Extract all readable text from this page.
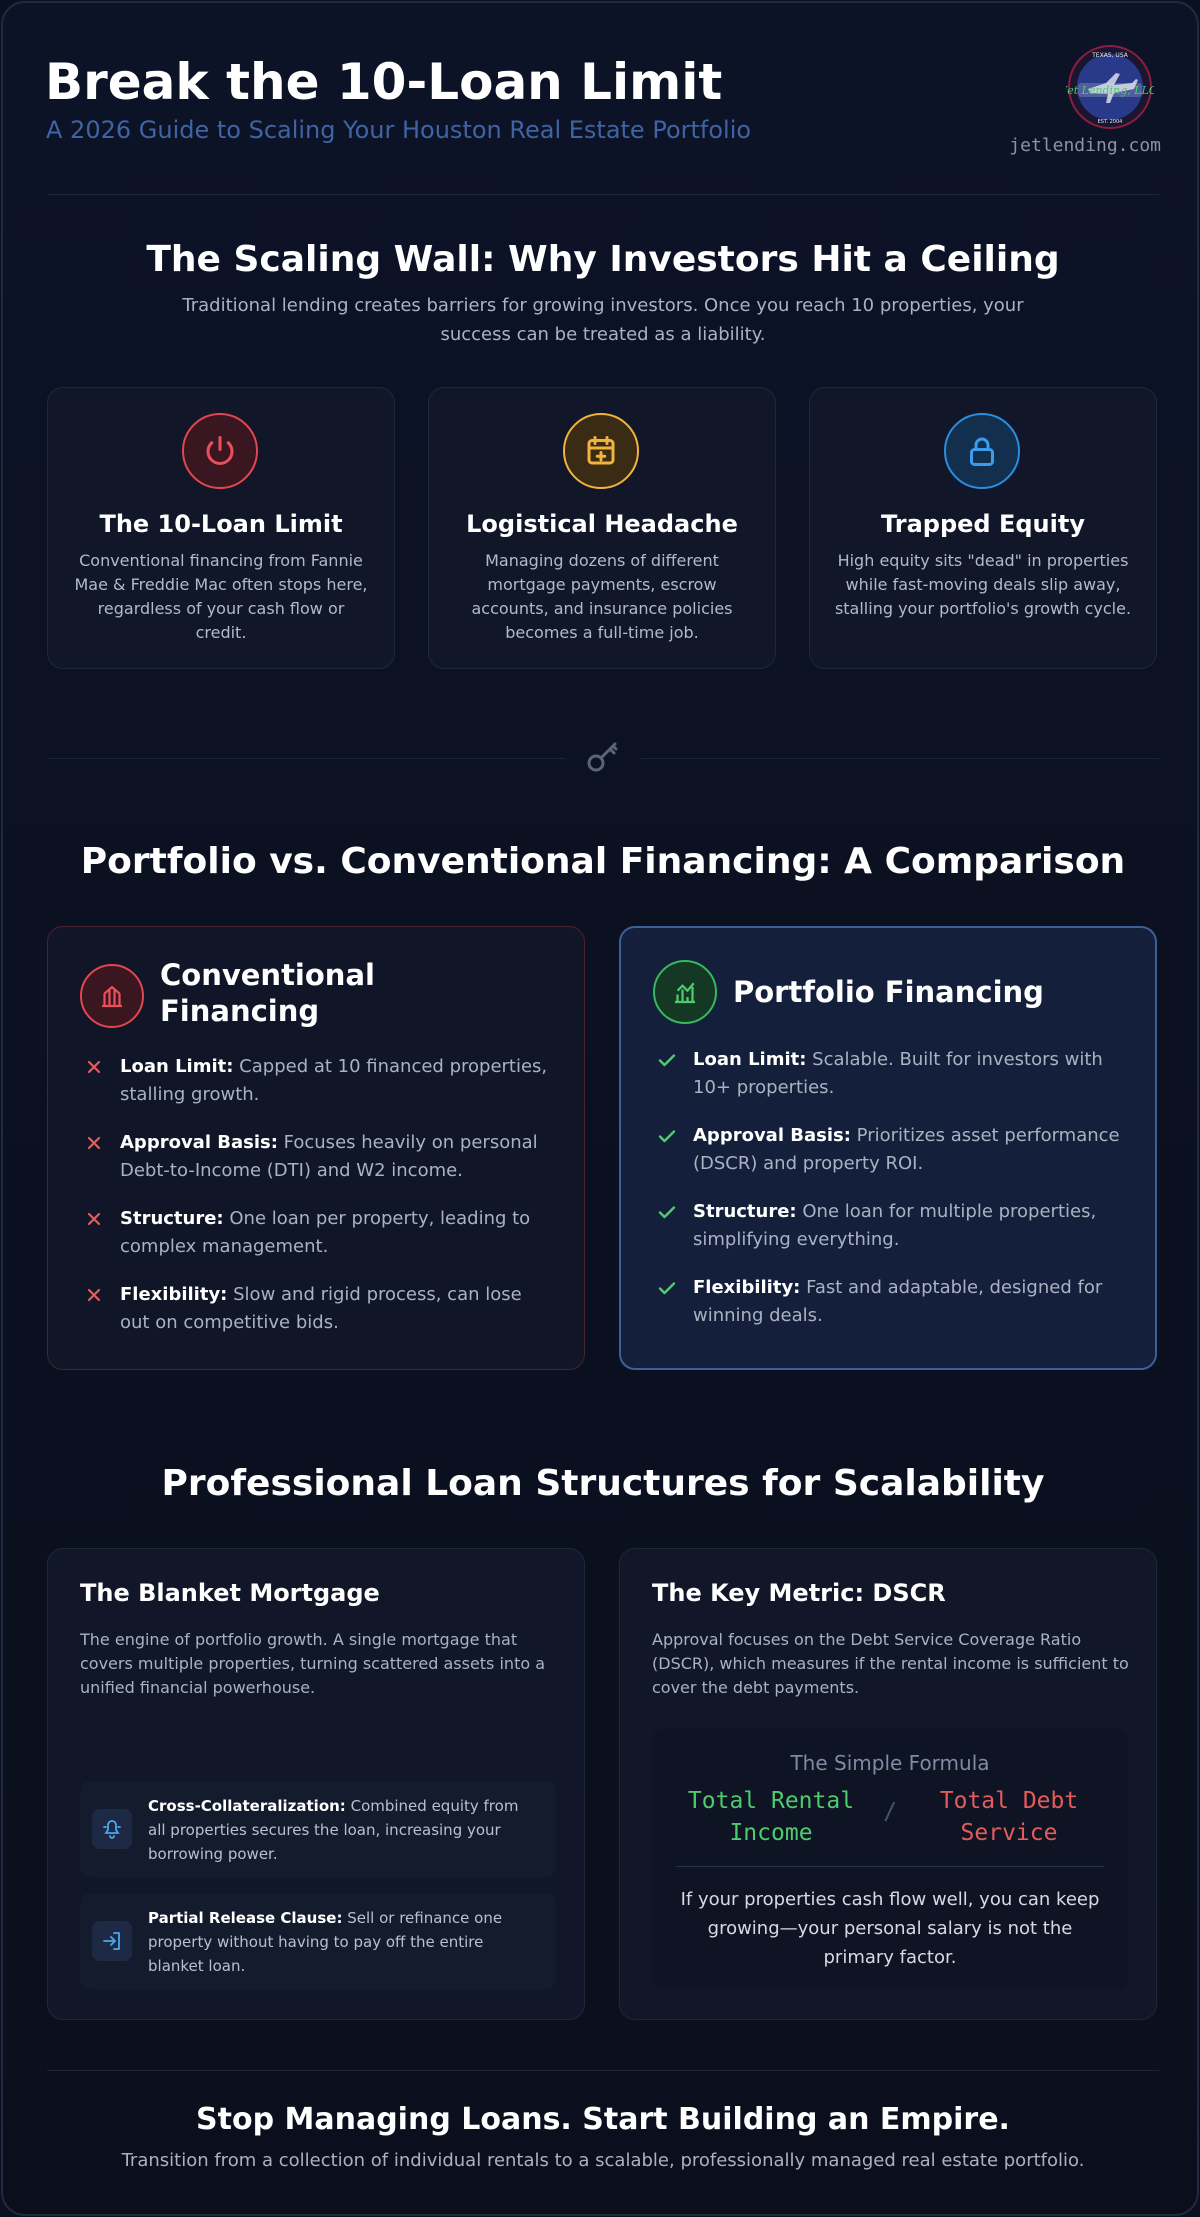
Break the 10-Loan Limit
A 2026 Guide to Scaling Your Houston Real Estate Portfolio
Jet Lending, LLC
TEXAS, USA
EST. 2004
jetlending.com
The Scaling Wall: Why Investors Hit a Ceiling
Traditional lending creates barriers for growing investors. Once you reach 10 properties, your success can be treated as a liability.
The 10-Loan Limit
Conventional financing from Fannie Mae & Freddie Mac often stops here, regardless of your cash flow or credit.
Logistical Headache
Managing dozens of different mortgage payments, escrow accounts, and insurance policies becomes a full-time job.
Trapped Equity
High equity sits "dead" in properties while fast-moving deals slip away, stalling your portfolio's growth cycle.
Portfolio vs. Conventional Financing: A Comparison
Conventional Financing
Loan Limit: Capped at 10 financed properties, stalling growth.
Approval Basis: Focuses heavily on personal Debt-to-Income (DTI) and W2 income.
Structure: One loan per property, leading to complex management.
Flexibility: Slow and rigid process, can lose out on competitive bids.
Portfolio Financing
Loan Limit: Scalable. Built for investors with 10+ properties.
Approval Basis: Prioritizes asset performance (DSCR) and property ROI.
Structure: One loan for multiple properties, simplifying everything.
Flexibility: Fast and adaptable, designed for winning deals.
Professional Loan Structures for Scalability
The Blanket Mortgage
The engine of portfolio growth. A single mortgage that covers multiple properties, turning scattered assets into a unified financial powerhouse.
Cross-Collateralization: Combined equity from all properties secures the loan, increasing your borrowing power.
Partial Release Clause: Sell or refinance one property without having to pay off the entire blanket loan.
The Key Metric: DSCR
Approval focuses on the Debt Service Coverage Ratio (DSCR), which measures if the rental income is sufficient to cover the debt payments.
The Simple Formula
Total Rental Income
/	Total Debt Service
If your properties cash flow well, you can keep growing—your personal salary is not the primary factor.
Stop Managing Loans. Start Building an Empire.
Transition from a collection of individual rentals to a scalable, professionally managed real estate portfolio.
